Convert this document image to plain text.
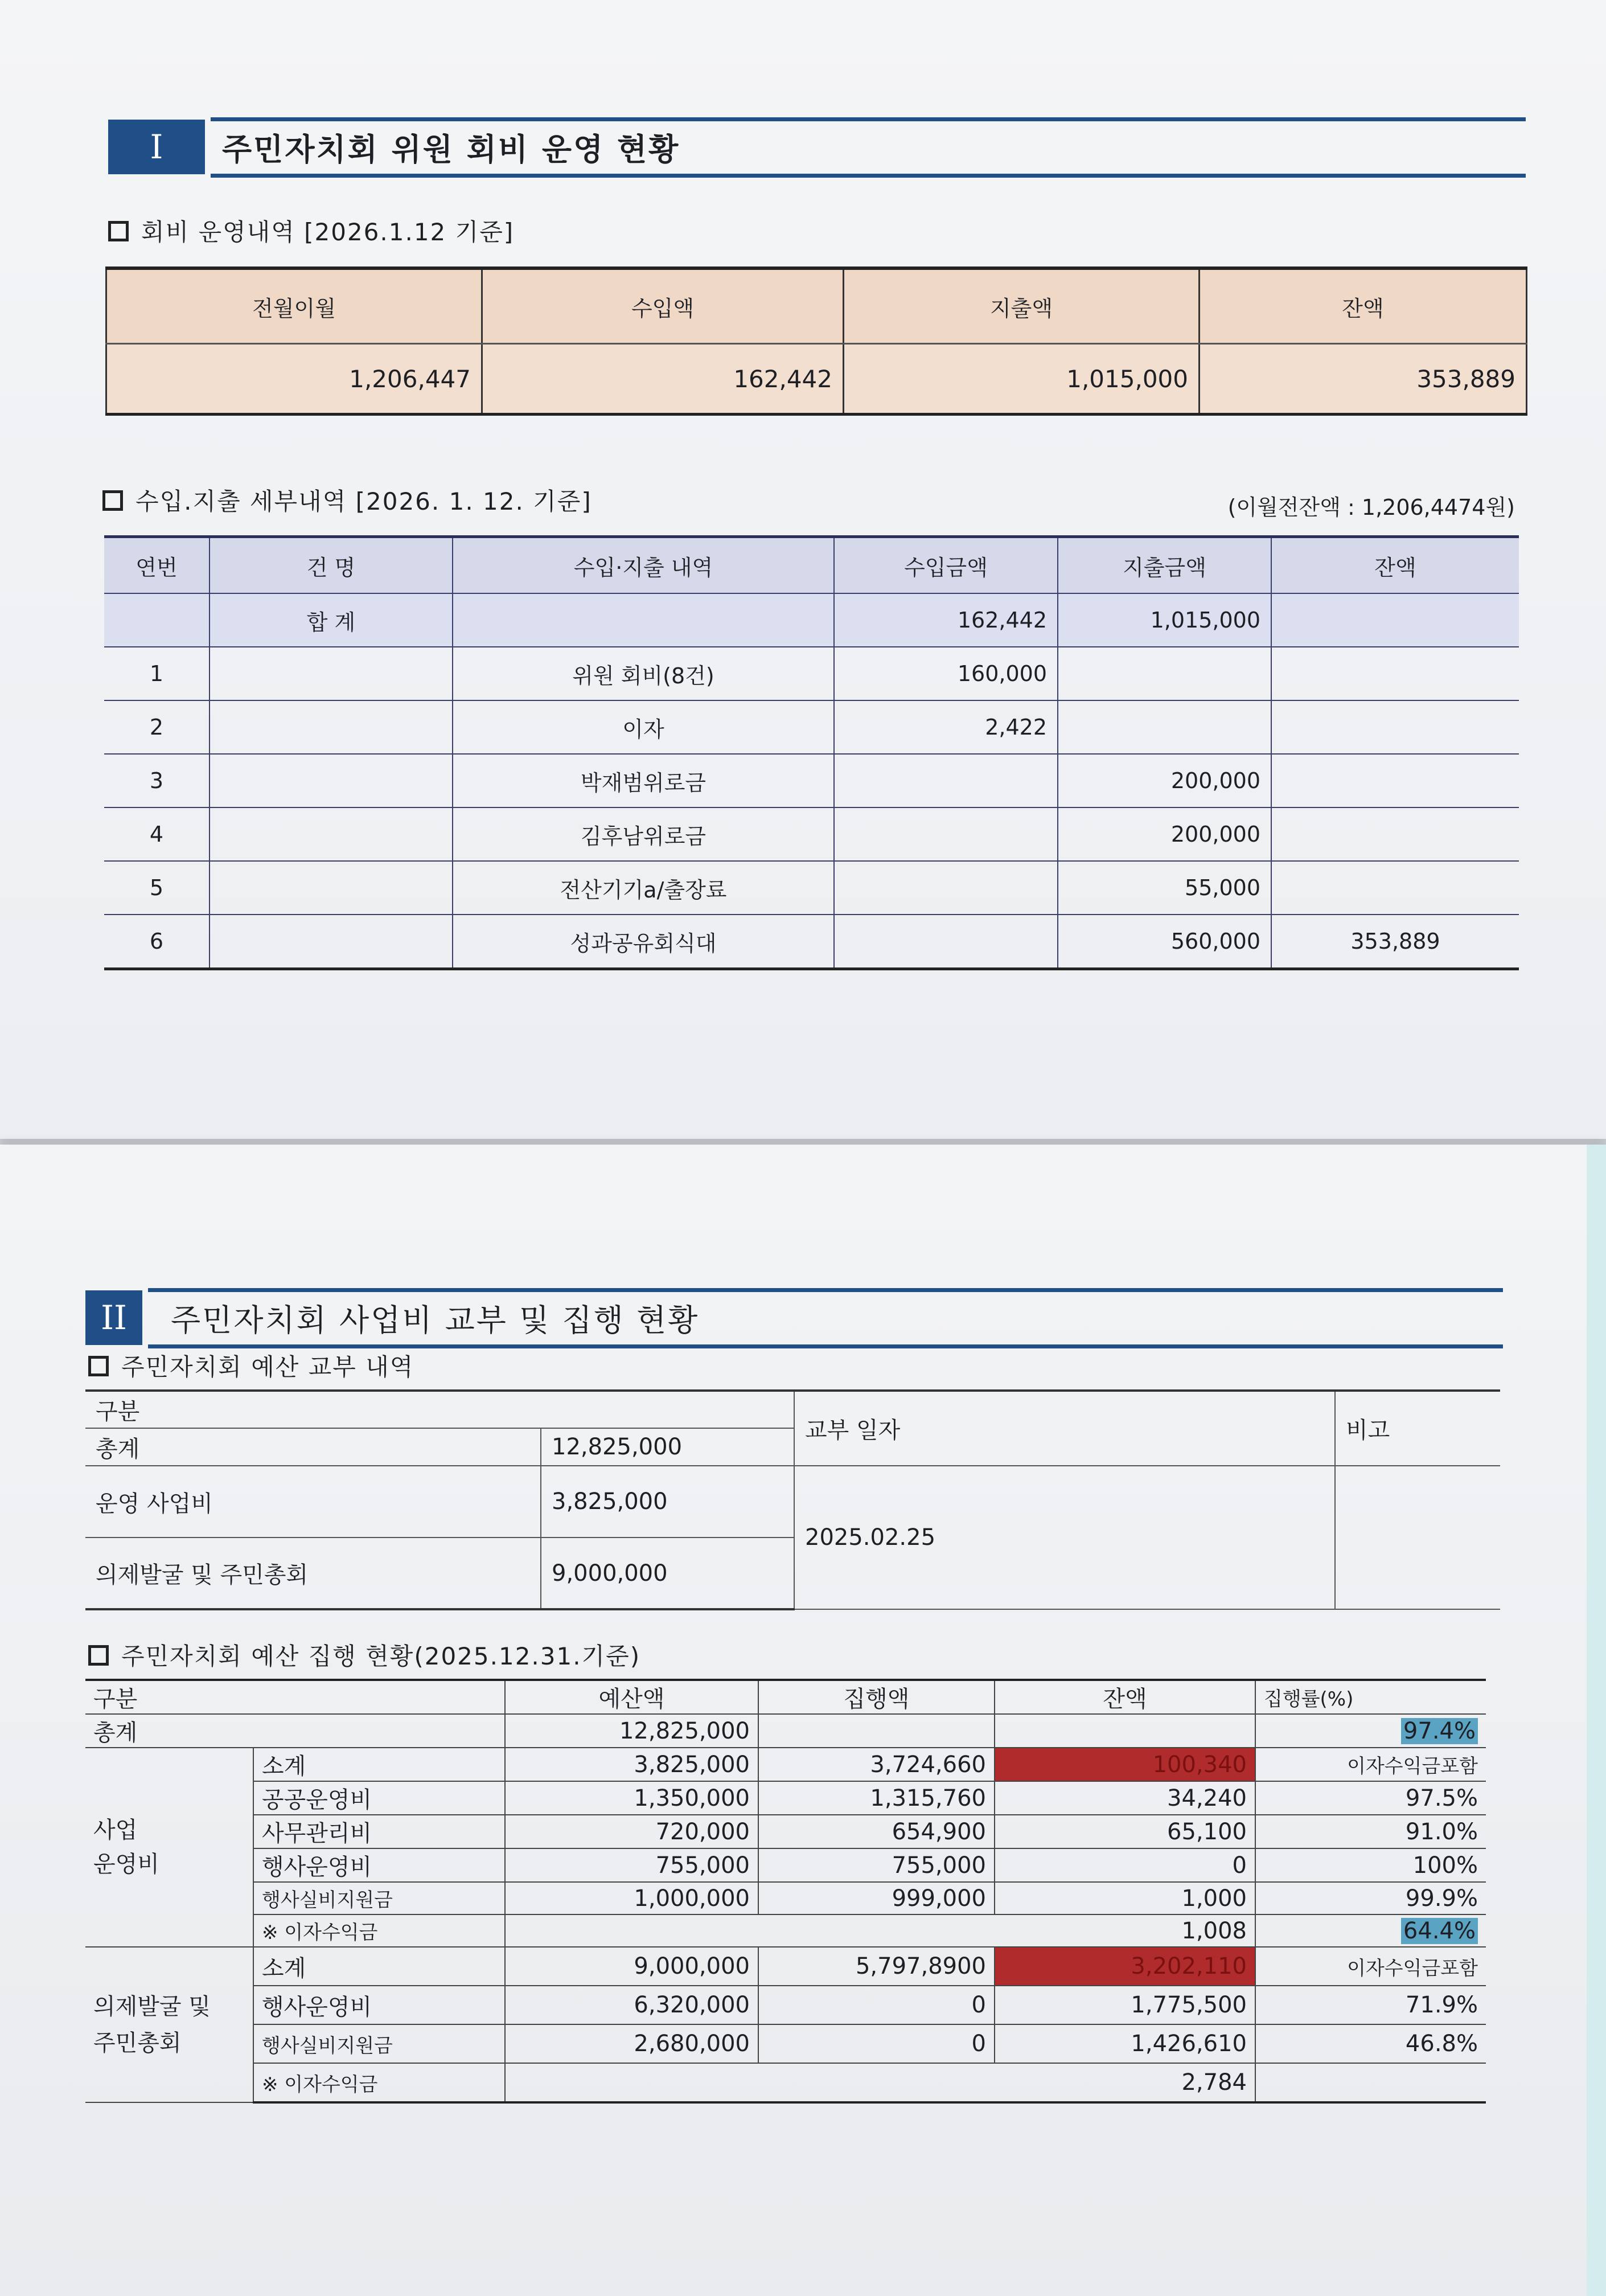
I	주민자치회 위원 회비 운영 현황
회비 운영내역 [2026.1.12 기준]
전월이월	수입액	지출액	잔액
1,206,447	162,442	1,015,000	353,889
수입.지출 세부내역 [2026. 1. 12. 기준]	(이월전잔액 : 1,206,4474원)
연번	건 명	수입·지출 내역	수입금액	지출금액	잔액
	합 계		162,442	1,015,000	
1		위원 회비(8건)	160,000		
2		이자	2,422		
3		박재범위로금		200,000	
4		김후남위로금		200,000	
5		전산기기a/출장료		55,000	
6		성과공유회식대		560,000	353,889
II	주민자치회 사업비 교부 및 집행 현황
주민자치회 예산 교부 내역
구분		교부 일자	비고
총계	12,825,000		
운영 사업비	3,825,000	2025.02.25	
의제발굴 및 주민총회	9,000,000		
주민자치회 예산 집행 현황(2025.12.31.기준)
구분		예산액	집행액	잔액	집행률(%)
총계		12,825,000			97.4%
사업
운영비	소계	3,825,000	3,724,660	100,340	이자수익금포함
	공공운영비	1,350,000	1,315,760	34,240	97.5%
	사무관리비	720,000	654,900	65,100	91.0%
	행사운영비	755,000	755,000	0	100%
	행사실비지원금	1,000,000	999,000	1,000	99.9%
	※ 이자수익금	1,008			64.4%
의제발굴 및
주민총회	소계	9,000,000	5,797,8900	3,202,110	이자수익금포함
	행사운영비	6,320,000	0	1,775,500	71.9%
	행사실비지원금	2,680,000	0	1,426,610	46.8%
	※ 이자수익금	2,784			
